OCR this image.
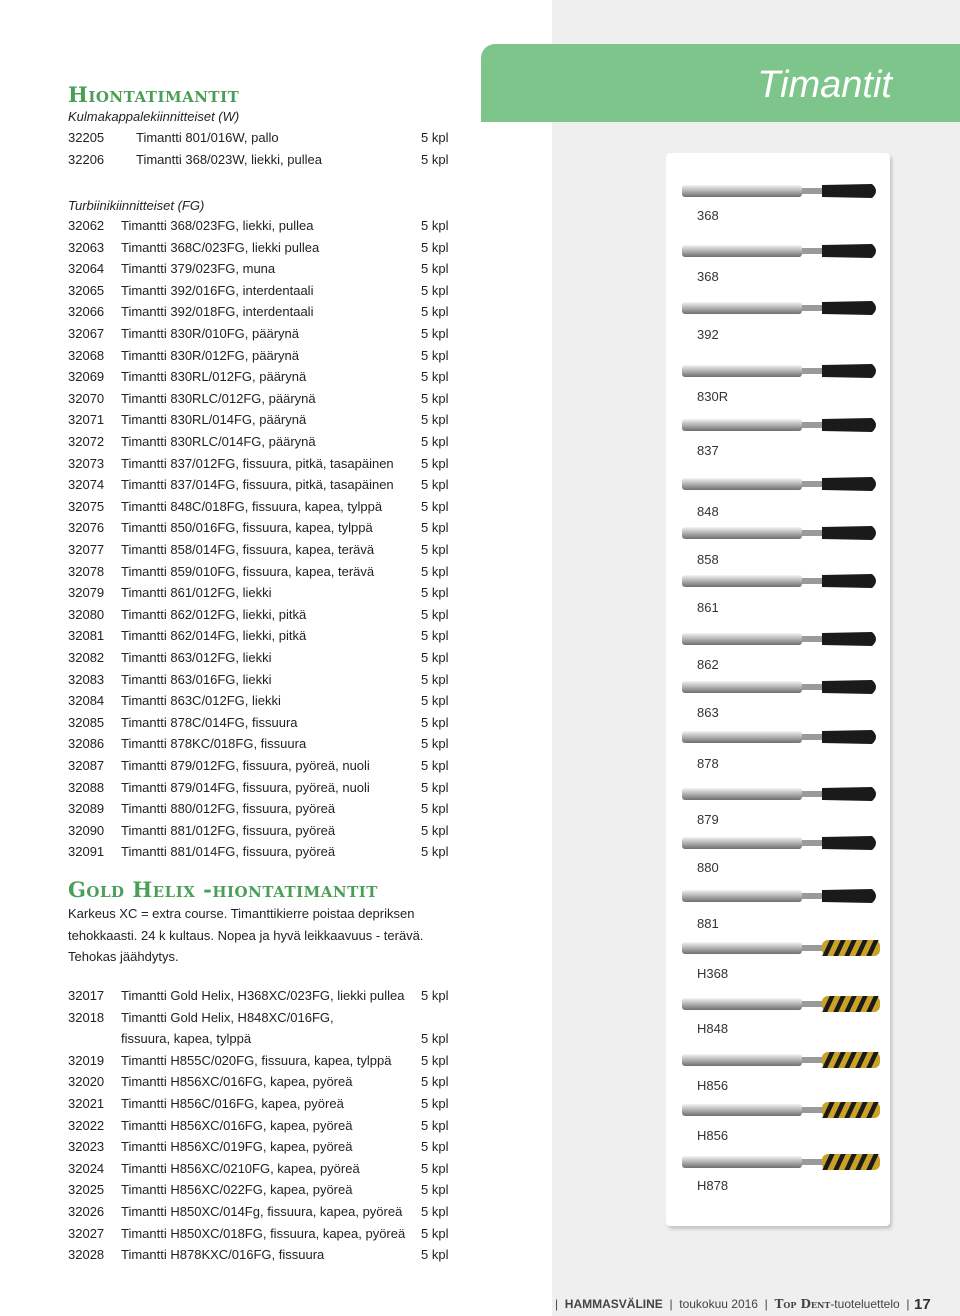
Timantit
368
368
392
830R
837
848
858
861
862
863
878
879
880
881
H368
H848
H856
H856
H878
Hiontatimantit
Kulmakappalekiinnitteiset (W)
32205 Timantti 801/016W, pallo	5 kpl
32206 Timantti 368/023W, liekki, pullea	5 kpl
Turbiinikiinnitteiset (FG)
32062 Timantti 368/023FG, liekki, pullea	5 kpl
32063 Timantti 368C/023FG, liekki pullea	5 kpl
32064 Timantti 379/023FG, muna	5 kpl
32065 Timantti 392/016FG, interdentaali	5 kpl
32066 Timantti 392/018FG, interdentaali	5 kpl
32067 Timantti 830R/010FG, päärynä	5 kpl
32068 Timantti 830R/012FG, päärynä	5 kpl
32069 Timantti 830RL/012FG, päärynä	5 kpl
32070 Timantti 830RLC/012FG, päärynä	5 kpl
32071 Timantti 830RL/014FG, päärynä	5 kpl
32072 Timantti 830RLC/014FG, päärynä	5 kpl
32073 Timantti 837/012FG, fissuura, pitkä, tasapäinen 5 kpl
32074 Timantti 837/014FG, fissuura, pitkä, tasapäinen 5 kpl
32075 Timantti 848C/018FG, fissuura, kapea, tylppä	5 kpl
32076 Timantti 850/016FG, fissuura, kapea, tylppä	5 kpl
32077 Timantti 858/014FG, fissuura, kapea, terävä	5 kpl
32078 Timantti 859/010FG, fissuura, kapea, terävä	5 kpl
32079 Timantti 861/012FG, liekki	5 kpl
32080 Timantti 862/012FG, liekki, pitkä	5 kpl
32081 Timantti 862/014FG, liekki, pitkä	5 kpl
32082 Timantti 863/012FG, liekki	5 kpl
32083 Timantti 863/016FG, liekki	5 kpl
32084 Timantti 863C/012FG, liekki	5 kpl
32085 Timantti 878C/014FG, fissuura	5 kpl
32086 Timantti 878KC/018FG, fissuura	5 kpl
32087 Timantti 879/012FG, fissuura, pyöreä, nuoli	5 kpl
32088 Timantti 879/014FG, fissuura, pyöreä, nuoli	5 kpl
32089 Timantti 880/012FG, fissuura, pyöreä	5 kpl
32090 Timantti 881/012FG, fissuura, pyöreä	5 kpl
32091 Timantti 881/014FG, fissuura, pyöreä	5 kpl
Gold Helix -hiontatimantit
Karkeus XC = extra course. Timanttikierre poistaa depriksen
tehokkaasti. 24 k kultaus. Nopea ja hyvä leikkaavuus - terävä.
Tehokas jäähdytys.
32017 Timantti Gold Helix, H368XC/023FG, liekki pullea 5 kpl
32018 Timantti Gold Helix, H848XC/016FG,
fissuura, kapea, tylppä	5 kpl
32019 Timantti H855C/020FG, fissuura, kapea, tylppä 5 kpl
32020 Timantti H856XC/016FG, kapea, pyöreä	5 kpl
32021 Timantti H856C/016FG, kapea, pyöreä	5 kpl
32022 Timantti H856XC/016FG, kapea, pyöreä	5 kpl
32023 Timantti H856XC/019FG, kapea, pyöreä	5 kpl
32024 Timantti H856XC/0210FG, kapea, pyöreä	5 kpl
32025 Timantti H856XC/022FG, kapea, pyöreä	5 kpl
32026 Timantti H850XC/014Fg, fissuura, kapea, pyöreä 5 kpl
32027 Timantti H850XC/018FG, fissuura, kapea, pyöreä 5 kpl
32028 Timantti H878KXC/016FG, fissuura	5 kpl
|  HAMMASVÄLINE  |  toukokuu 2016  |  Top Dent-tuoteluettelo  | 17
